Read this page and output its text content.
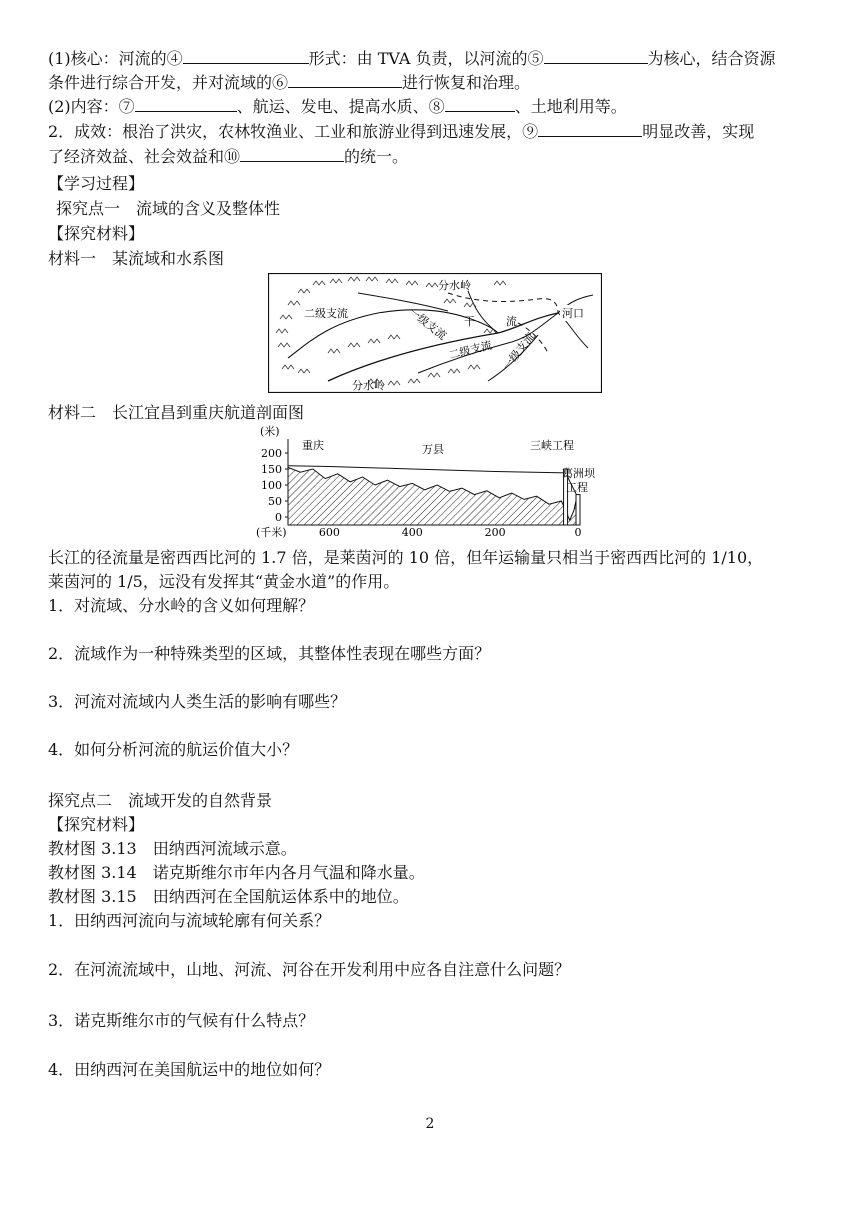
(1)核心：河流的④	形式：由 TVA 负责，以河流的⑤	为核心，结合资源
条件进行综合开发，并对流域的⑥	进行恢复和治理。
(2)内容：⑦	、航运、发电、提高水质、⑧	、土地利用等。
2．成效：根治了洪灾，农林牧渔业、工业和旅游业得到迅速发展，⑨	明显改善，实现
了经济效益、社会效益和⑩	的统一。
【学习过程】
探究点一　流域的含义及整体性
【探究材料】
材料一　某流域和水系图
分水岭
二级支流	一级支流 干	流
河口
二级支流 一级支流
分水岭
材料二　长江宜昌到重庆航道剖面图
200
150
100
50
0
600	400	200	0
(米)
(千米)
重庆	万县	三峡工程
葛洲坝
工程
长江的径流量是密西西比河的 1.7 倍，是莱茵河的 10 倍，但年运输量只相当于密西西比河的 1/10，
莱茵河的 1/5，远没有发挥其“黄金水道”的作用。
1．对流域、分水岭的含义如何理解？
2．流域作为一种特殊类型的区域，其整体性表现在哪些方面？
3．河流对流域内人类生活的影响有哪些？
4．如何分析河流的航运价值大小？
探究点二　流域开发的自然背景
【探究材料】
教材图 3.13　田纳西河流域示意。
教材图 3.14　诺克斯维尔市年内各月气温和降水量。
教材图 3.15　田纳西河在全国航运体系中的地位。
1．田纳西河流向与流域轮廓有何关系？
2．在河流流域中，山地、河流、河谷在开发利用中应各自注意什么问题？
3．诺克斯维尔市的气候有什么特点？
4．田纳西河在美国航运中的地位如何？
2
